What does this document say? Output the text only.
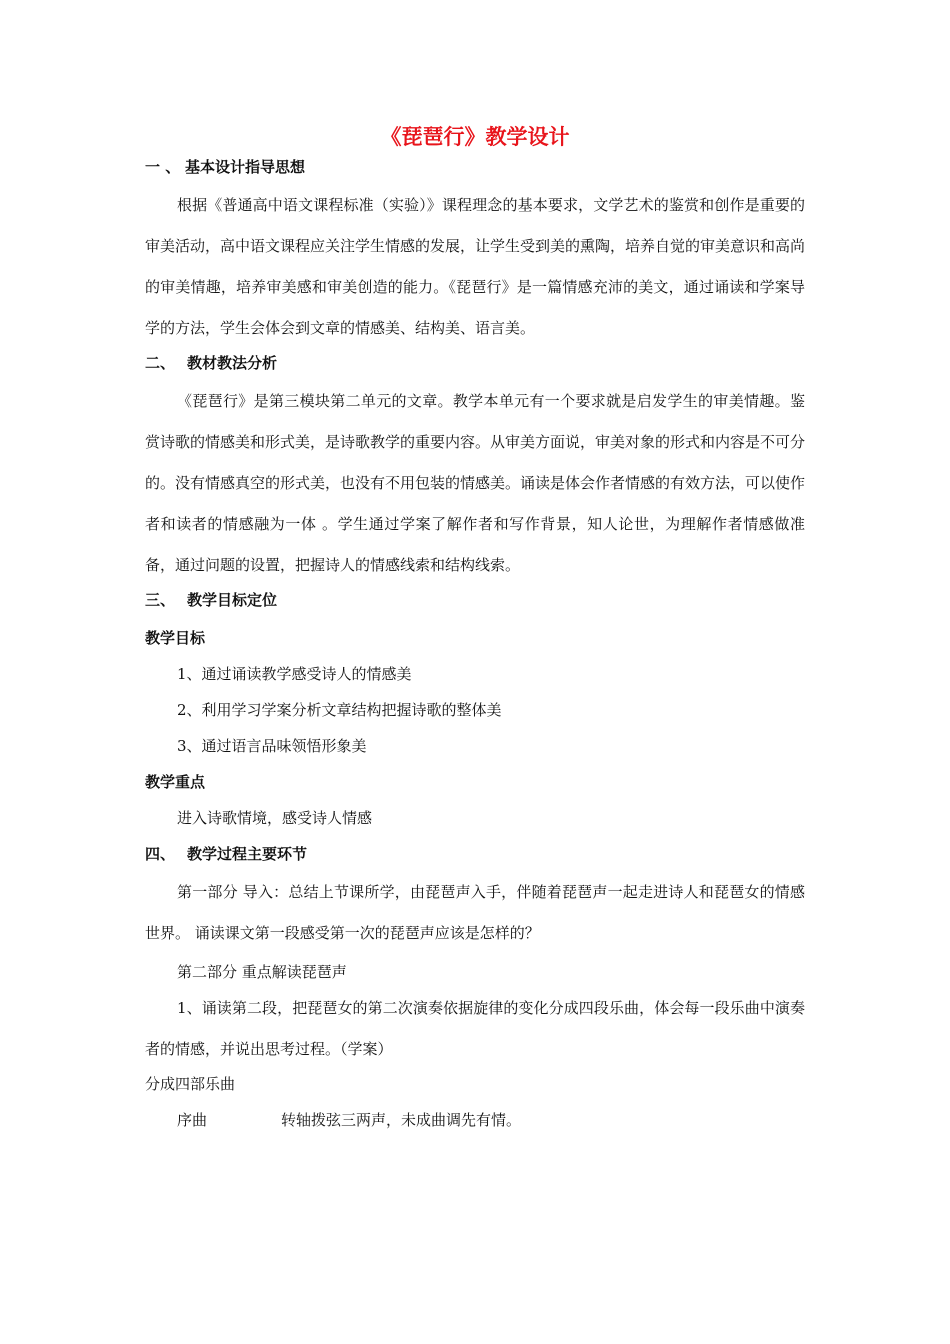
《琵琶行》教学设计
一 、 基本设计指导思想

根据《普通高中语文课程标准（实验）》课程理念的基本要求，文学艺术的鉴赏和创作是重要的审美活动，高中语文课程应关注学生情感的发展，让学生受到美的熏陶，培养自觉的审美意识和高尚的审美情趣，培养审美感和审美创造的能力。《琵琶行》是一篇情感充沛的美文，通过诵读和学案导学的方法，学生会体会到文章的情感美、结构美、语言美。

二、 教材教法分析

《琵琶行》是第三模块第二单元的文章。教学本单元有一个要求就是启发学生的审美情趣。鉴赏诗歌的情感美和形式美，是诗歌教学的重要内容。从审美方面说，审美对象的形式和内容是不可分的。没有情感真空的形式美，也没有不用包装的情感美。诵读是体会作者情感的有效方法，可以使作者和读者的情感融为一体 。学生通过学案了解作者和写作背景，知人论世，为理解作者情感做准备，通过问题的设置，把握诗人的情感线索和结构线索。

三、 教学目标定位
教学目标
1、通过诵读教学感受诗人的情感美
2、利用学习学案分析文章结构把握诗歌的整体美
3、通过语言品味领悟形象美
教学重点
进入诗歌情境，感受诗人情感
四、 教学过程主要环节

第一部分 导入：总结上节课所学，由琵琶声入手，伴随着琵琶声一起走进诗人和琵琶女的情感世界。 诵读课文第一段感受第一次的琵琶声应该是怎样的？

第二部分 重点解读琵琶声

1、诵读第二段，把琵琶女的第二次演奏依据旋律的变化分成四段乐曲，体会每一段乐曲中演奏者的情感，并说出思考过程。（学案）

分成四部乐曲
序曲	转轴拨弦三两声，未成曲调先有情。
